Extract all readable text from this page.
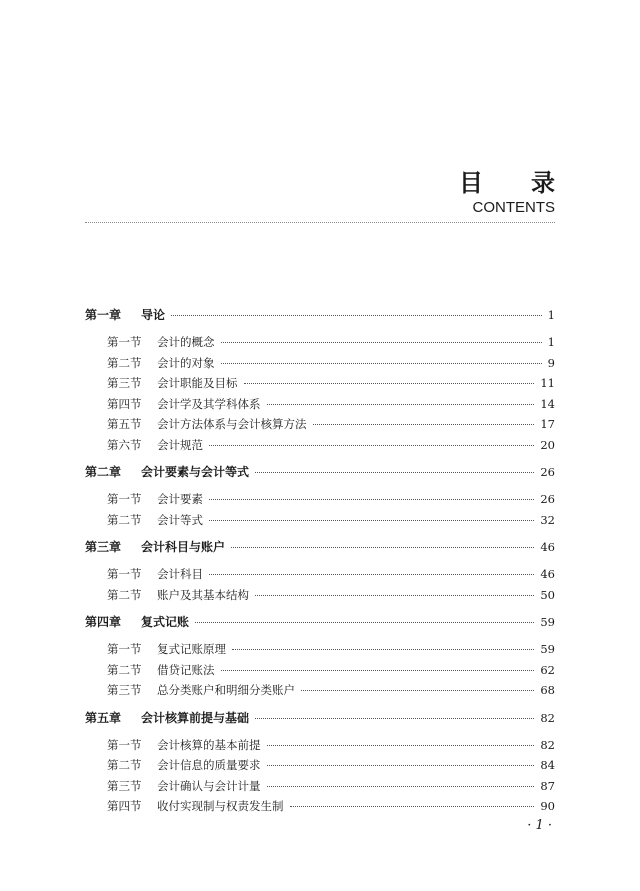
目　录
CONTENTS
第一章	导论	1
第一节	会计的概念	1
第二节	会计的对象	9
第三节	会计职能及目标	11
第四节	会计学及其学科体系	14
第五节	会计方法体系与会计核算方法	17
第六节	会计规范	20
第二章	会计要素与会计等式	26
第一节	会计要素	26
第二节	会计等式	32
第三章	会计科目与账户	46
第一节	会计科目	46
第二节	账户及其基本结构	50
第四章	复式记账	59
第一节	复式记账原理	59
第二节	借贷记账法	62
第三节	总分类账户和明细分类账户	68
第五章	会计核算前提与基础	82
第一节	会计核算的基本前提	82
第二节	会计信息的质量要求	84
第三节	会计确认与会计计量	87
第四节	收付实现制与权责发生制	90
· 1 ·
